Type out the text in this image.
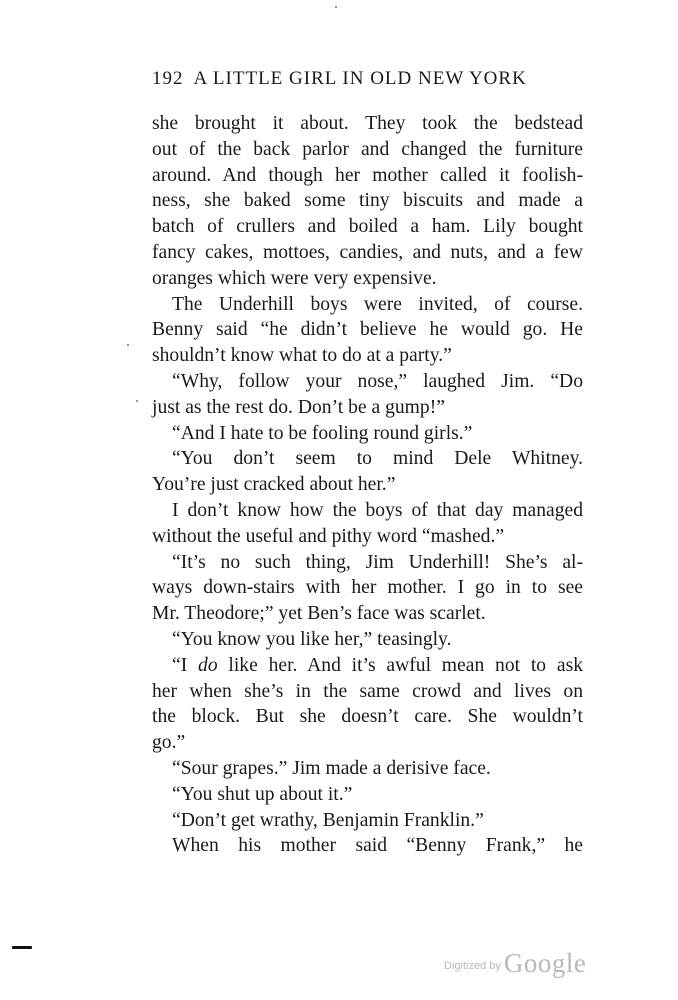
192 A LITTLE GIRL IN OLD NEW YORK

she brought it about. They took the bedstead

out of the back parlor and changed the furniture

around. And though her mother called it foolish-

ness, she baked some tiny biscuits and made a

batch of crullers and boiled a ham. Lily bought

fancy cakes, mottoes, candies, and nuts, and a few

oranges which were very expensive.

The Underhill boys were invited, of course.

Benny said “he didn’t believe he would go. He

shouldn’t know what to do at a party.”

“Why, follow your nose,” laughed Jim. “Do

just as the rest do. Don’t be a gump!”

“And I hate to be fooling round girls.”

“You don’t seem to mind Dele Whitney.

You’re just cracked about her.”

I don’t know how the boys of that day managed

without the useful and pithy word “mashed.”

“It’s no such thing, Jim Underhill! She’s al-

ways down-stairs with her mother. I go in to see

Mr. Theodore;” yet Ben’s face was scarlet.

“You know you like her,” teasingly.

“I do like her. And it’s awful mean not to ask

her when she’s in the same crowd and lives on

the block. But she doesn’t care. She wouldn’t

go.”

“Sour grapes.” Jim made a derisive face.

“You shut up about it.”

“Don’t get wrathy, Benjamin Franklin.”

When his mother said “Benny Frank,” he

Digitized by Google
